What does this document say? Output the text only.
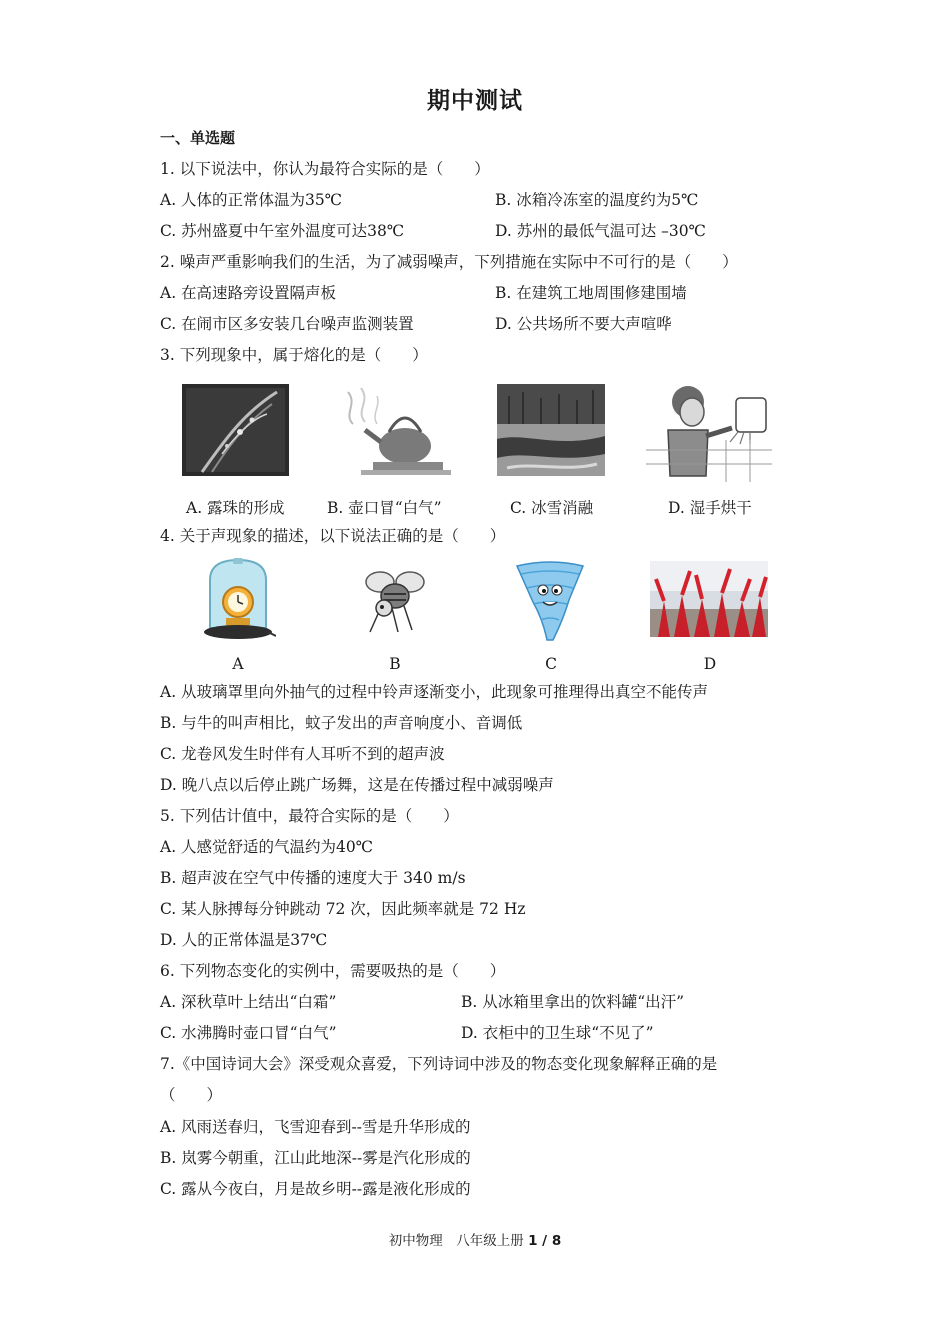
期中测试
一、单选题
1. 以下说法中，你认为最符合实际的是（　　）
A. 人体的正常体温为35℃	B. 冰箱冷冻室的温度约为5℃
C. 苏州盛夏中午室外温度可达38℃	D. 苏州的最低气温可达 –30℃
2. 噪声严重影响我们的生活，为了减弱噪声，下列措施在实际中不可行的是（　　）
A. 在高速路旁设置隔声板	B. 在建筑工地周围修建围墙
C. 在闹市区多安装几台噪声监测装置	D. 公共场所不要大声喧哗
3. 下列现象中，属于熔化的是（　　）
A. 露珠的形成	B. 壶口冒“白气”	C. 冰雪消融	D. 湿手烘干
4. 关于声现象的描述，以下说法正确的是（　　）
A	B	C	D
A. 从玻璃罩里向外抽气的过程中铃声逐渐变小，此现象可推理得出真空不能传声
B. 与牛的叫声相比，蚊子发出的声音响度小、音调低
C. 龙卷风发生时伴有人耳听不到的超声波
D. 晚八点以后停止跳广场舞，这是在传播过程中减弱噪声
5. 下列估计值中，最符合实际的是（　　）
A. 人感觉舒适的气温约为40℃
B. 超声波在空气中传播的速度大于 340 m/s
C. 某人脉搏每分钟跳动 72 次，因此频率就是 72 Hz
D. 人的正常体温是37℃
6. 下列物态变化的实例中，需要吸热的是（　　）
A. 深秋草叶上结出“白霜”	B. 从冰箱里拿出的饮料罐“出汗”
C. 水沸腾时壶口冒“白气”	D. 衣柜中的卫生球“不见了”
7.《中国诗词大会》深受观众喜爱，下列诗词中涉及的物态变化现象解释正确的是
（　　）
A. 风雨送春归，飞雪迎春到--雪是升华形成的
B. 岚雾今朝重，江山此地深--雾是汽化形成的
C. 露从今夜白，月是故乡明--露是液化形成的
初中物理　八年级上册 1 / 8
